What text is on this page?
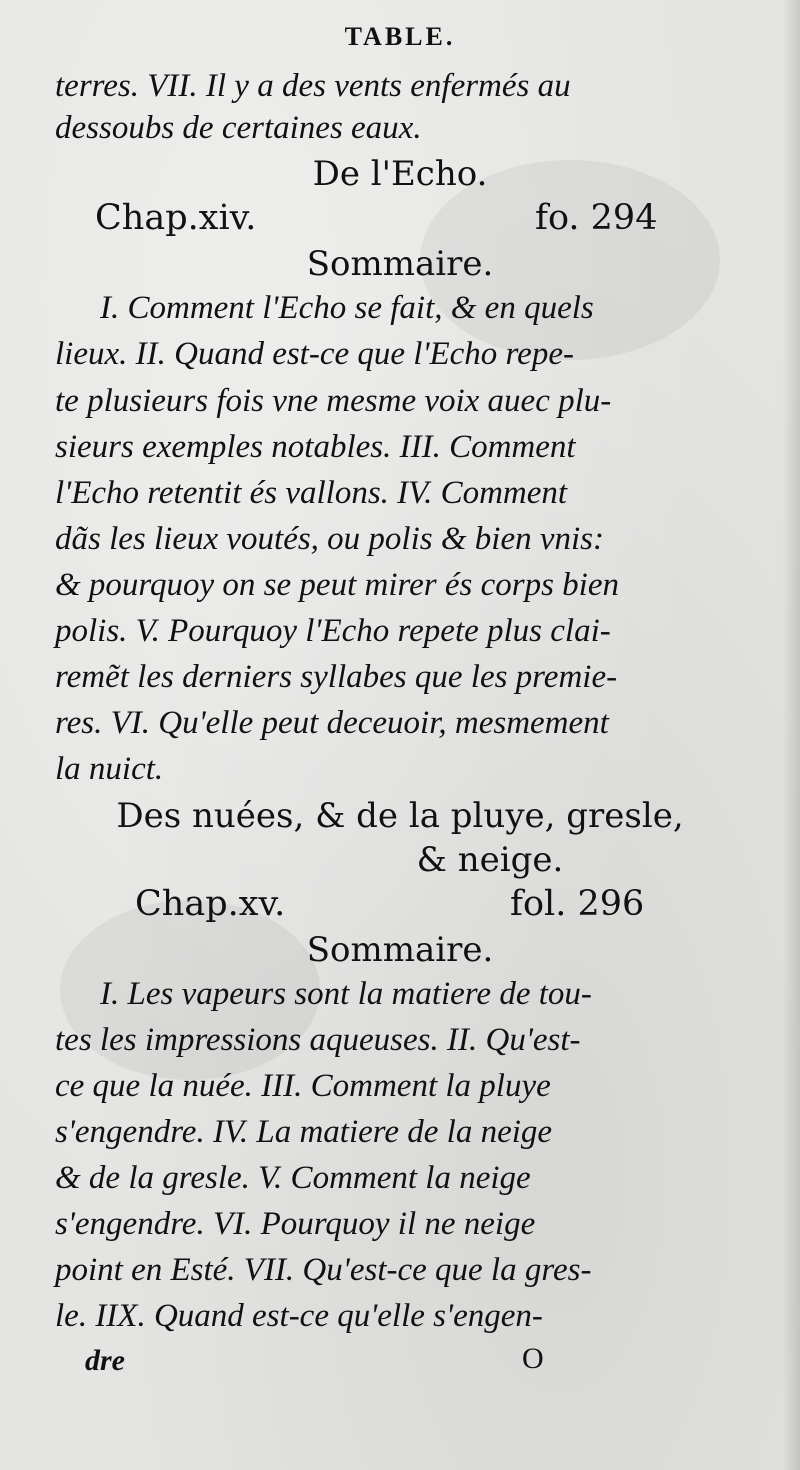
TABLE.
terres. VII. Il y a des vents enfermés au
dessoubs de certaines eaux.
De l'Echo.
Chap.xiv.	fo. 294
Sommaire.
I. Comment l'Echo se fait, & en quels
lieux. II. Quand est-ce que l'Echo repe-
te plusieurs fois vne mesme voix auec plu-
sieurs exemples notables. III. Comment
l'Echo retentit és vallons. IV. Comment
dãs les lieux voutés, ou polis & bien vnis:
& pourquoy on se peut mirer és corps bien
polis. V. Pourquoy l'Echo repete plus clai-
remẽt les derniers syllabes que les premie-
res. VI. Qu'elle peut deceuoir, mesmement
la nuict.
Des nuées, & de la pluye, gresle,
& neige.
Chap.xv.	fol. 296
Sommaire.
I. Les vapeurs sont la matiere de tou-
tes les impressions aqueuses. II. Qu'est-
ce que la nuée. III. Comment la pluye
s'engendre. IV. La matiere de la neige
& de la gresle. V. Comment la neige
s'engendre. VI. Pourquoy il ne neige
point en Esté. VII. Qu'est-ce que la gres-
le. IIX. Quand est-ce qu'elle s'engen-
dre	O
